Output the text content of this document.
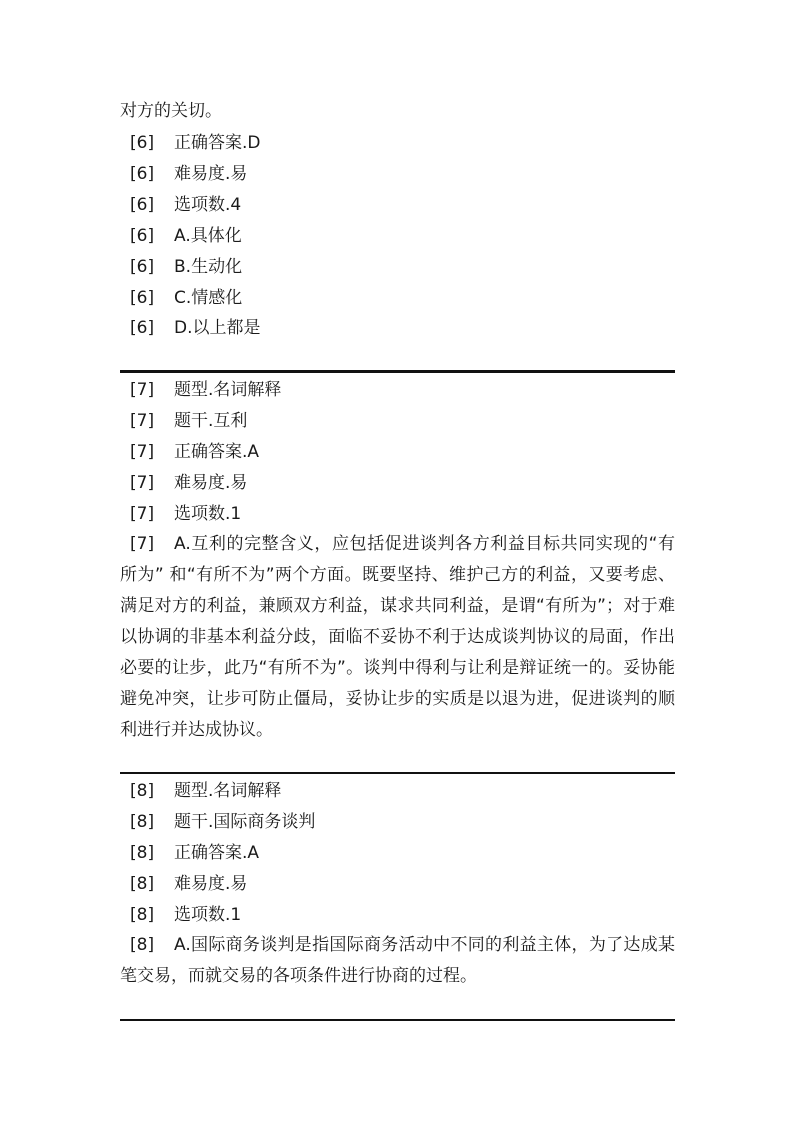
对方的关切。
[6] 正确答案.D
[6] 难易度.易
[6] 选项数.4
[6] A.具体化
[6] B.生动化
[6] C.情感化
[6] D.以上都是
[7] 题型.名词解释
[7] 题干.互利
[7] 正确答案.A
[7] 难易度.易
[7] 选项数.1
[7] A.互利的完整含义，应包括促进谈判各方利益目标共同实现的“有所为” 和“有所不为”两个方面。既要坚持、维护己方的利益，又要考虑、满足对方的利益，兼顾双方利益，谋求共同利益，是谓“有所为”；对于难以协调的非基本利益分歧，面临不妥协不利于达成谈判协议的局面，作出必要的让步，此乃“有所不为”。谈判中得利与让利是辩证统一的。妥协能避免冲突，让步可防止僵局，妥协让步的实质是以退为进，促进谈判的顺利进行并达成协议。
[8] 题型.名词解释
[8] 题干.国际商务谈判
[8] 正确答案.A
[8] 难易度.易
[8] 选项数.1
[8] A.国际商务谈判是指国际商务活动中不同的利益主体，为了达成某笔交易，而就交易的各项条件进行协商的过程。
